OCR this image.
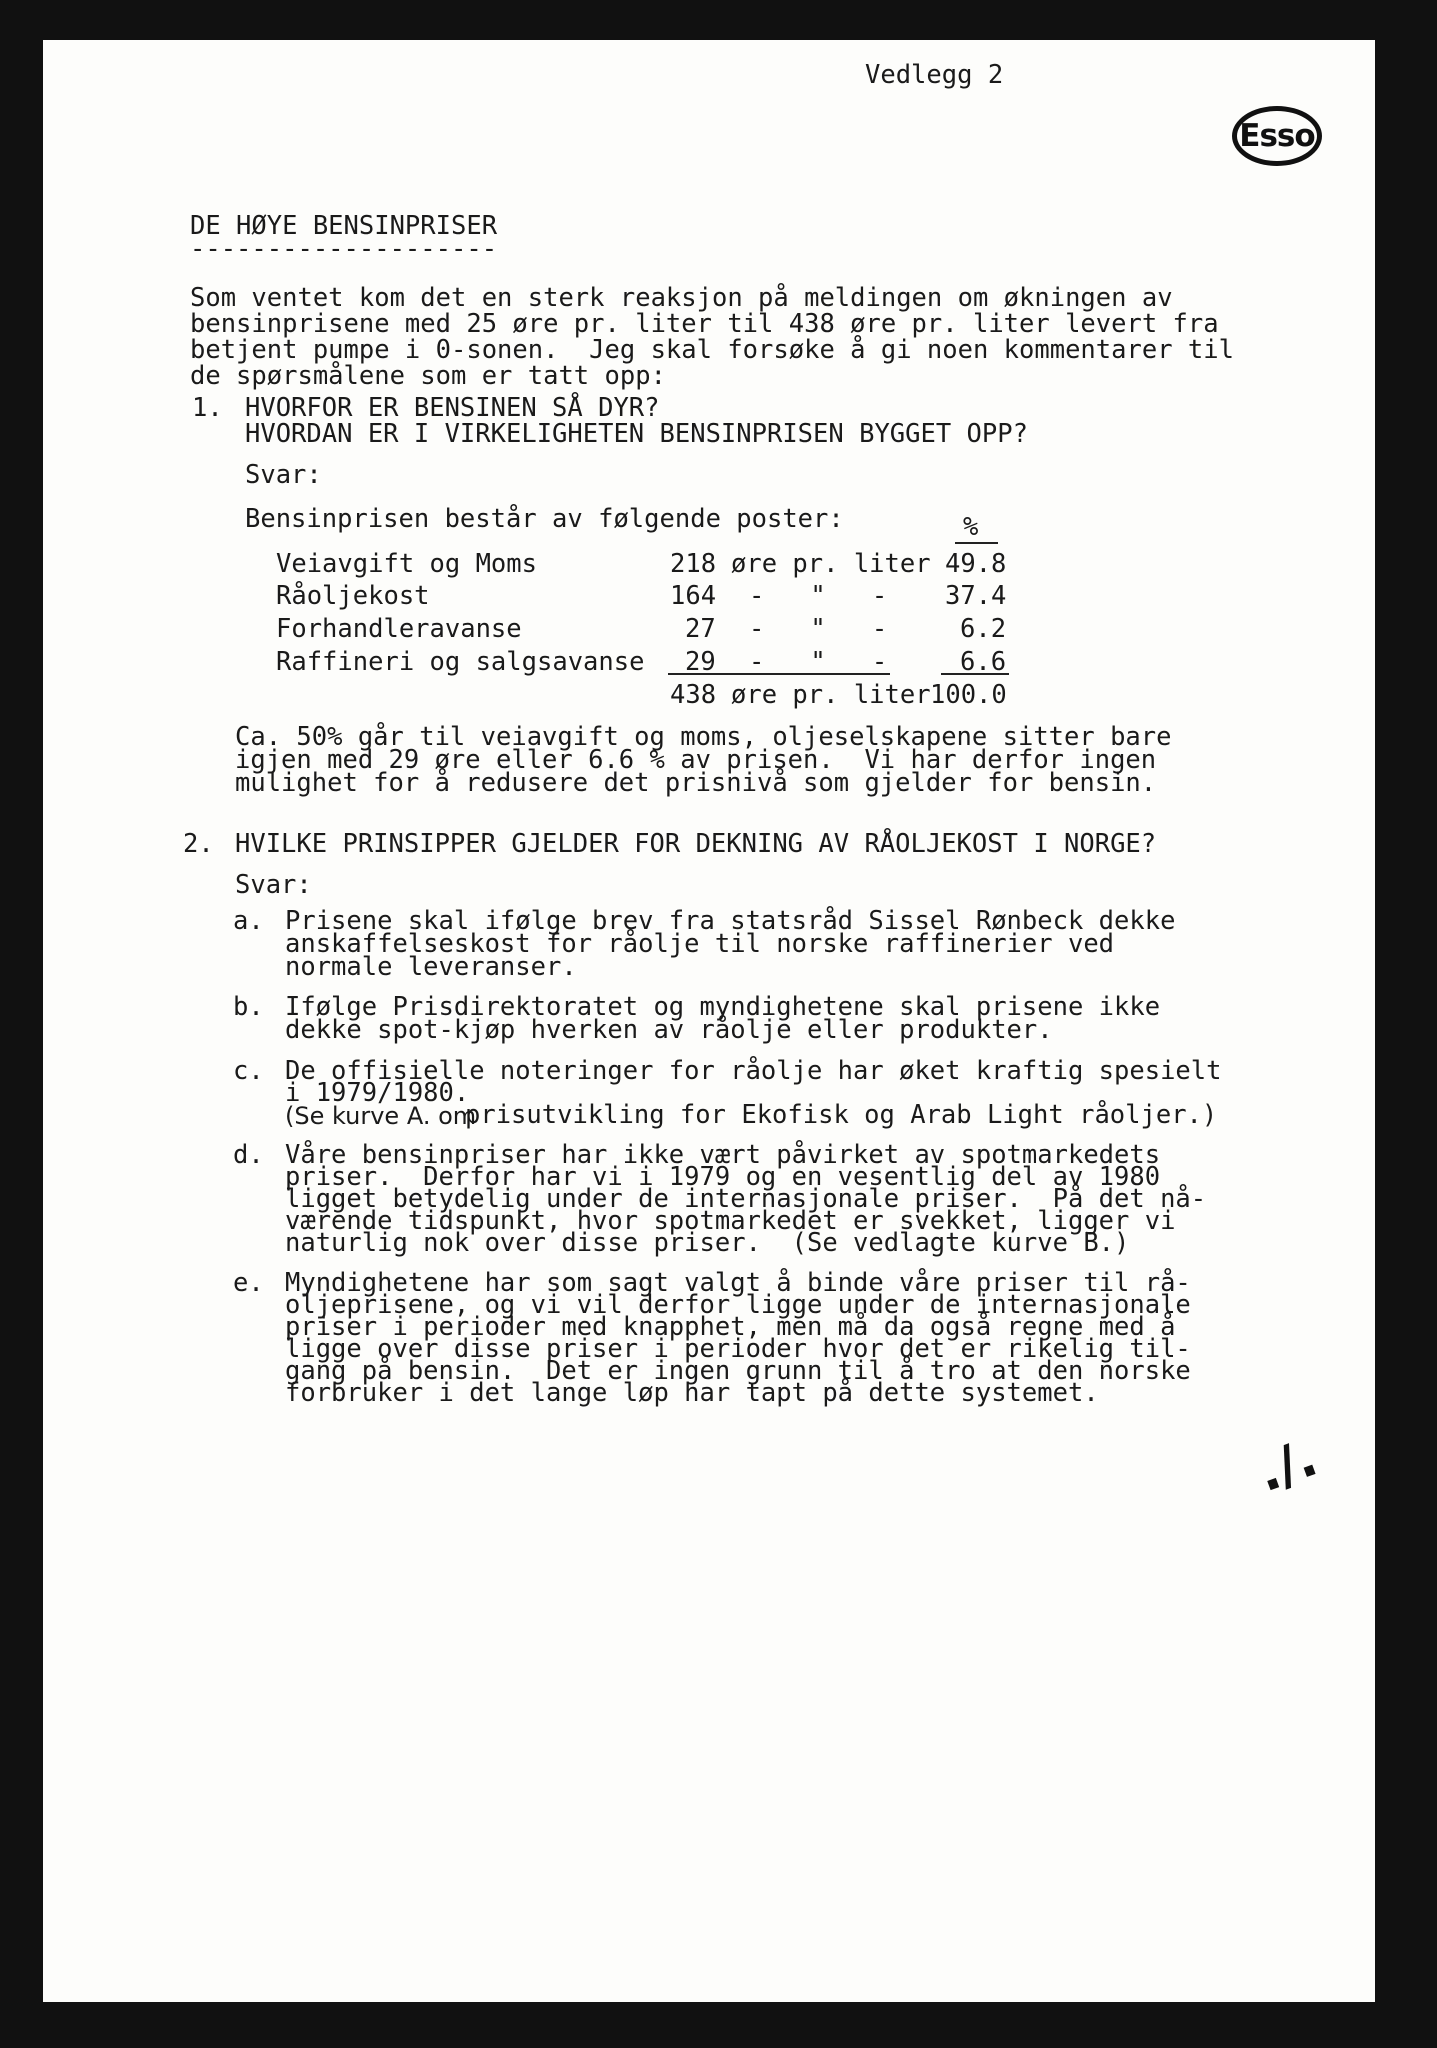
Vedlegg 2
Esso
DE HØYE BENSINPRISER
--------------------
Som ventet kom det en sterk reaksjon på meldingen om økningen av
bensinprisene med 25 øre pr. liter til 438 øre pr. liter levert fra
betjent pumpe i 0-sonen.  Jeg skal forsøke å gi noen kommentarer til
de spørsmålene som er tatt opp:
1. HVORFOR ER BENSINEN SÅ DYR?
HVORDAN ER I VIRKELIGHETEN BENSINPRISEN BYGGET OPP?
Svar:
Bensinprisen består av følgende poster:	%
Veiavgift og Moms	218 øre pr. liter 49.8
Råoljekost	164 -   "   - 37.4
Forhandleravanse	27 -   "   -	6.2
Raffineri og salgsavanse 29 -   "   -	6.6
438 øre pr. liter 100.0
Ca. 50% går til veiavgift og moms, oljeselskapene sitter bare
igjen med 29 øre eller 6.6 % av prisen.  Vi har derfor ingen
mulighet for å redusere det prisnivå som gjelder for bensin.
2. HVILKE PRINSIPPER GJELDER FOR DEKNING AV RÅOLJEKOST I NORGE?
Svar:
a. Prisene skal ifølge brev fra statsråd Sissel Rønbeck dekke
anskaffelseskost for råolje til norske raffinerier ved
normale leveranser.
b. Ifølge Prisdirektoratet og myndighetene skal prisene ikke
dekke spot-kjøp hverken av råolje eller produkter.
c. De offisielle noteringer for råolje har øket kraftig spesielt
i 1979/1980.
(Se kurve A. om
prisutvikling for Ekofisk og Arab Light råoljer.)
d. Våre bensinpriser har ikke vært påvirket av spotmarkedets
priser.  Derfor har vi i 1979 og en vesentlig del av 1980
ligget betydelig under de internasjonale priser.  På det nå-
værende tidspunkt, hvor spotmarkedet er svekket, ligger vi
naturlig nok over disse priser.  (Se vedlagte kurve B.)
e. Myndighetene har som sagt valgt å binde våre priser til rå-
oljeprisene, og vi vil derfor ligge under de internasjonale
priser i perioder med knapphet, men må da også regne med å
ligge over disse priser i perioder hvor det er rikelig til-
gang på bensin.  Det er ingen grunn til å tro at den norske
forbruker i det lange løp har tapt på dette systemet.
./.
